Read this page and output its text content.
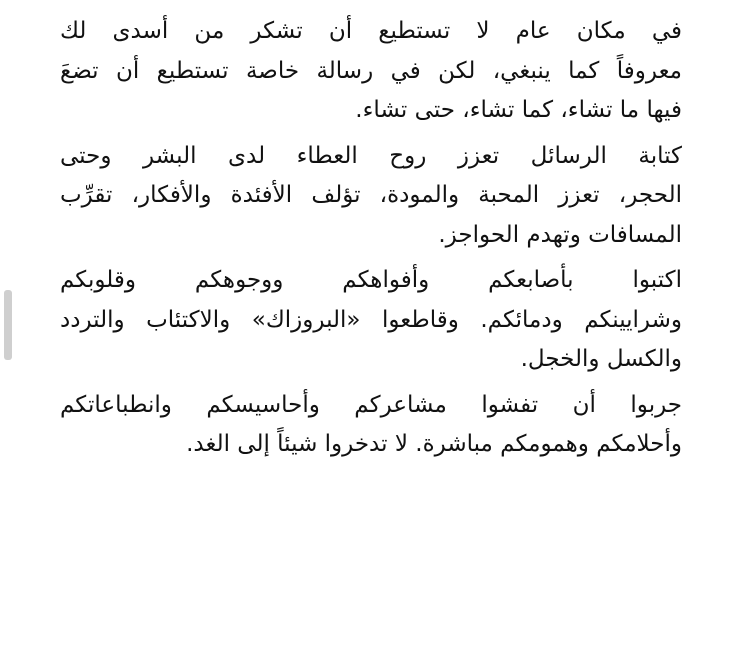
في مكان عام لا تستطيع أن تشكر من أسدى لك
معروفاً كما ينبغي، لكن في رسالة خاصة تستطيع أن تضعَ
فيها ما تشاء، كما تشاء، حتى تشاء.
كتابة الرسائل تعزز روح العطاء لدى البشر وحتى
الحجر، تعزز المحبة والمودة، تؤلف الأفئدة والأفكار، تقرِّب
المسافات وتهدم الحواجز.
اكتبوا بأصابعكم وأفواهكم ووجوهكم وقلوبكم
وشرايينكم ودمائكم. وقاطعوا «البروزاك» والاكتئاب والتردد
والكسل والخجل.
جربوا أن تفشوا مشاعركم وأحاسيسكم وانطباعاتكم
وأحلامكم وهمومكم مباشرة. لا تدخروا شيئاً إلى الغد.
